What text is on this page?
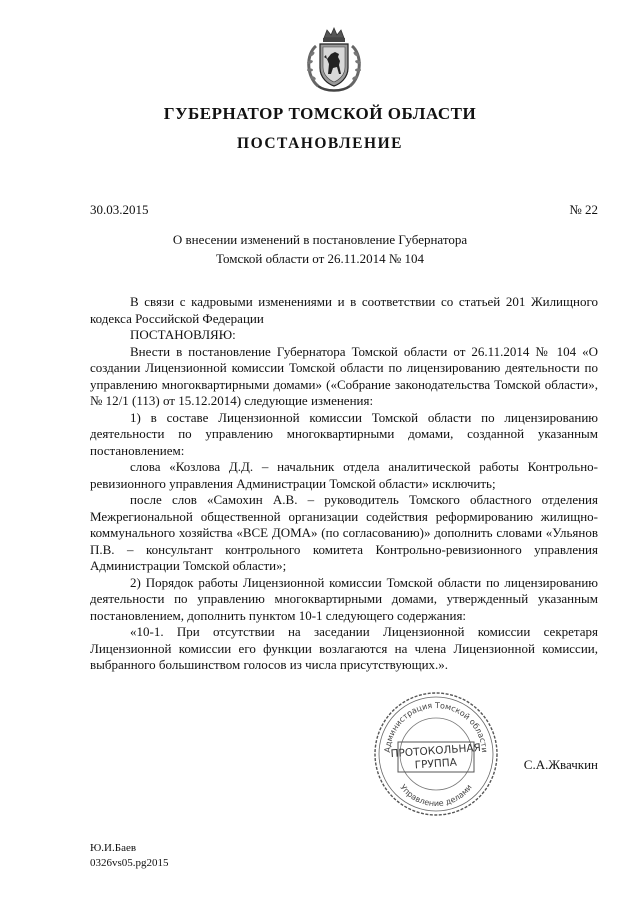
ГУБЕРНАТОР ТОМСКОЙ ОБЛАСТИ
ПОСТАНОВЛЕНИЕ
30.03.2015	№ 22
О внесении изменений в постановление Губернатора
Томской области от 26.11.2014 № 104

В связи с кадровыми изменениями и в соответствии со статьей 201 Жилищного кодекса Российской Федерации

ПОСТАНОВЛЯЮ:

Внести в постановление Губернатора Томской области от 26.11.2014 № 104 «О создании Лицензионной комиссии Томской области по лицензированию деятельности по управлению многоквартирными домами» («Собрание законодательства Томской области», № 12/1 (113) от 15.12.2014) следующие изменения:

1) в составе Лицензионной комиссии Томской области по лицензированию деятельности по управлению многоквартирными домами, созданной указанным постановлением:

слова «Козлова Д.Д. – начальник отдела аналитической работы Контрольно-ревизионного управления Администрации Томской области» исключить;

после слов «Самохин А.В. – руководитель Томского областного отделения Межрегиональной общественной организации содействия реформированию жилищно-коммунального хозяйства «ВСЕ ДОМА» (по согласованию)» дополнить словами «Ульянов П.В. – консультант контрольного комитета Контрольно-ревизионного управления Администрации Томской области»;

2) Порядок работы Лицензионной комиссии Томской области по лицензированию деятельности по управлению многоквартирными домами, утвержденный указанным постановлением, дополнить пунктом 10-1 следующего содержания:

«10-1. При отсутствии на заседании Лицензионной комиссии секретаря Лицензионной комиссии его функции возлагаются на члена Лицензионной комиссии, выбранного большинством голосов из числа присутствующих.».

Администрация Томской области
Управление делами
ПРОТОКОЛЬНАЯ
ГРУППА	С.А.Жвачкин
Ю.И.Баев
0326vs05.pg2015
